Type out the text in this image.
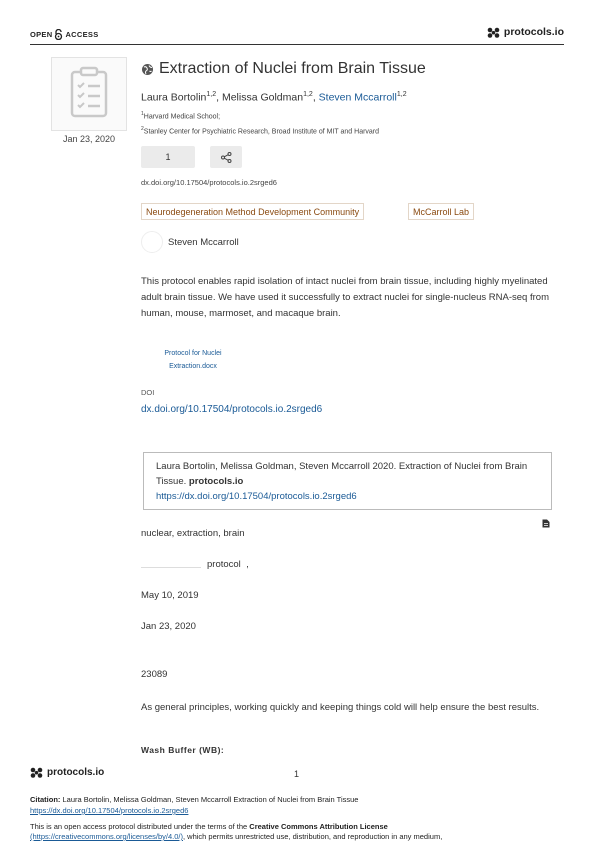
OPEN ACCESS	protocols.io
Jan 23, 2020
Extraction of Nuclei from Brain Tissue
Laura Bortolin$^{1,2}$, Melissa Goldman$^{1,2}$, Steven Mccarroll$^{1,2}$
$^1$Harvard Medical School;
$^2$Stanley Center for Psychiatric Research, Broad Institute of MIT and Harvard
1
dx.doi.org/10.17504/protocols.io.2srged6
Neurodegeneration Method Development Community	McCarroll Lab
Steven Mccarroll
This protocol enables rapid isolation of intact nuclei from brain tissue, including highly myelinated adult brain tissue. We have used it successfully to extract nuclei for single-nucleus RNA-seq from human, mouse, marmoset, and macaque brain.
Protocol for Nuclei
Extraction.docx
DOI
dx.doi.org/10.17504/protocols.io.2srged6
Laura Bortolin, Melissa Goldman, Steven Mccarroll 2020. Extraction of Nuclei from Brain Tissue. protocols.io
https://dx.doi.org/10.17504/protocols.io.2srged6
nuclear, extraction, brain
protocol ,
May 10, 2019
Jan 23, 2020
23089
As general principles, working quickly and keeping things cold will help ensure the best results.
Wash Buffer (WB):
protocols.io	1
Citation: Laura Bortolin, Melissa Goldman, Steven Mccarroll Extraction of Nuclei from Brain Tissue
https://dx.doi.org/10.17504/protocols.io.2srged6
This is an open access protocol distributed under the terms of the Creative Commons Attribution License
(https://creativecommons.org/licenses/by/4.0/), which permits unrestricted use, distribution, and reproduction in any medium,
